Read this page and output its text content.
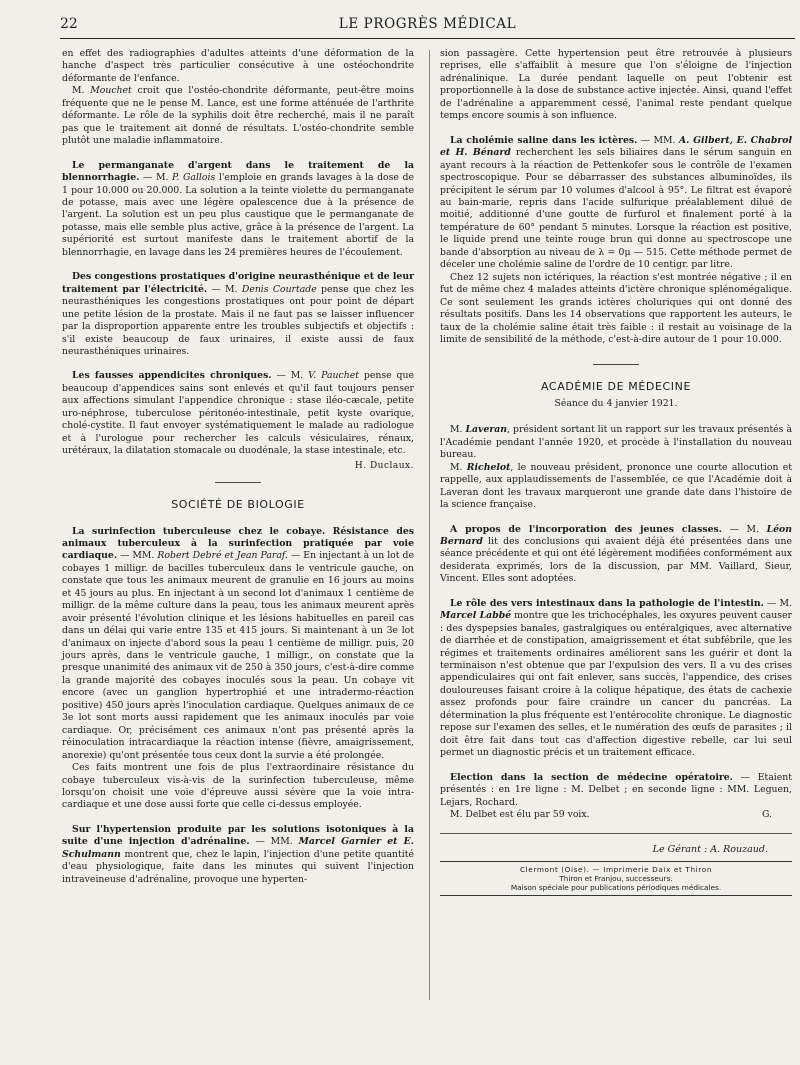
22	LE PROGRÈS MÉDICAL

en effet des radiographies d'adultes atteints d'une déformation de la hanche d'aspect très particulier consécutive à une ostéochondrite déformante de l'enfance.

M. Mouchet croit que l'ostéo-chondrite déformante, peut-être moins fréquente que ne le pense M. Lance, est une forme atténuée de l'arthrite déformante. Le rôle de la syphilis doit être recherché, mais il ne paraît pas que le traitement ait donné de résultats. L'ostéo-chondrite semble plutôt une maladie inflammatoire.

Le permanganate d'argent dans le traitement de la blennorrhagie. — M. P. Gallois l'emploie en grands lavages à la dose de 1 pour 10.000 ou 20.000. La solution a la teinte violette du permanganate de potasse, mais avec une légère opalescence due à la présence de l'argent. La solution est un peu plus caustique que le permanganate de potasse, mais elle semble plus active, grâce à la présence de l'argent. La supériorité est surtout manifeste dans le traitement abortif de la blennorrhagie, en lavage dans les 24 premières heures de l'écoulement.

Des congestions prostatiques d'origine neurasthénique et de leur traitement par l'électricité. — M. Denis Courtade pense que chez les neurasthéniques les congestions prostatiques ont pour point de départ une petite lésion de la prostate. Mais il ne faut pas se laisser influencer par la disproportion apparente entre les troubles subjectifs et objectifs : s'il existe beaucoup de faux urinaires, il existe aussi de faux neurasthéniques urinaires.

Les fausses appendicites chroniques. — M. V. Pauchet pense que beaucoup d'appendices sains sont enlevés et qu'il faut toujours penser aux affections simulant l'appendice chronique : stase iléo-cæcale, petite uro-néphrose, tuberculose péritonéo-intestinale, petit kyste ovarique, cholé-cystite. Il faut envoyer systématiquement le malade au radiologue et à l'urologue pour rechercher les calculs vésiculaires, rénaux, urétéraux, la dilatation stomacale ou duodénale, la stase intestinale, etc.

H. Duclaux.
SOCIÉTÉ DE BIOLOGIE

La surinfection tuberculeuse chez le cobaye. Résistance des animaux tuberculeux à la surinfection pratiquée par voie cardiaque. — MM. Robert Debré et Jean Paraf. — En injectant à un lot de cobayes 1 milligr. de bacilles tuberculeux dans le ventricule gauche, on constate que tous les animaux meurent de granulie en 16 jours au moins et 45 jours au plus. En injectant à un second lot d'animaux 1 centième de milligr. de la même culture dans la peau, tous les animaux meurent après avoir présenté l'évolution clinique et les lésions habituelles en pareil cas dans un délai qui varie entre 135 et 415 jours. Si maintenant à un 3e lot d'animaux on injecte d'abord sous la peau 1 centième de milligr. puis, 20 jours après, dans le ventricule gauche, 1 milligr., on constate que la presque unanimité des animaux vit de 250 à 350 jours, c'est-à-dire comme la grande majorité des cobayes inoculés sous la peau. Un cobaye vit encore (avec un ganglion hypertrophié et une intradermo-réaction positive) 450 jours après l'inoculation cardiaque. Quelques animaux de ce 3e lot sont morts aussi rapidement que les animaux inoculés par voie cardiaque. Or, précisément ces animaux n'ont pas présenté après la réinoculation intracardiaque la réaction intense (fièvre, amaigrissement, anorexie) qu'ont présentée tous ceux dont la survie a été prolongée.

Ces faits montrent une fois de plus l'extraordinaire résistance du cobaye tuberculeux vis-à-vis de la surinfection tuberculeuse, même lorsqu'on choisit une voie d'épreuve aussi sévère que la voie intra-cardiaque et une dose aussi forte que celle ci-dessus employée.

Sur l'hypertension produite par les solutions isotoniques à la suite d'une injection d'adrénaline. — MM. Marcel Garnier et E. Schulmann montrent que, chez le lapin, l'injection d'une petite quantité d'eau physiologique, faite dans les minutes qui suivent l'injection intraveineuse d'adrénaline, provoque une hyperten-

sion passagère. Cette hypertension peut être retrouvée à plusieurs reprises, elle s'affaiblit à mesure que l'on s'éloigne de l'injection adrénalinique. La durée pendant laquelle on peut l'obtenir est proportionnelle à la dose de substance active injectée. Ainsi, quand l'effet de l'adrénaline a apparemment cessé, l'animal reste pendant quelque temps encore soumis à son influence.

La cholémie saline dans les ictères. — MM. A. Gilbert, E. Chabrol et H. Bénard recherchent les sels biliaires dans le sérum sanguin en ayant recours à la réaction de Pettenkofer sous le contrôle de l'examen spectroscopique. Pour se débarrasser des substances albuminoïdes, ils précipitent le sérum par 10 volumes d'alcool à 95°. Le filtrat est évaporé au bain-marie, repris dans l'acide sulfurique préalablement dilué de moitié, additionné d'une goutte de furfurol et finalement porté à la température de 60° pendant 5 minutes. Lorsque la réaction est positive, le liquide prend une teinte rouge brun qui donne au spectroscope une bande d'absorption au niveau de λ = 0μ — 515. Cette méthode permet de déceler une cholémie saline de l'ordre de 10 centigr. par litre.

Chez 12 sujets non ictériques, la réaction s'est montrée négative ; il en fut de même chez 4 malades atteints d'ictère chronique splénomégalique. Ce sont seulement les grands ictères choluriques qui ont donné des résultats positifs. Dans les 14 observations que rapportent les auteurs, le taux de la cholémie saline était très faible : il restait au voisinage de la limite de sensibilité de la méthode, c'est-à-dire autour de 1 pour 10.000.

ACADÉMIE DE MÉDECINE
Séance du 4 janvier 1921.

M. Laveran, président sortant lit un rapport sur les travaux présentés à l'Académie pendant l'année 1920, et procède à l'installation du nouveau bureau.

M. Richelot, le nouveau président, prononce une courte allocution et rappelle, aux applaudissements de l'assemblée, ce que l'Académie doit à Laveran dont les travaux marqueront une grande date dans l'histoire de la science française.

A propos de l'incorporation des jeunes classes. — M. Léon Bernard lit des conclusions qui avaient déjà été présentées dans une séance précédente et qui ont été légèrement modifiées conformément aux desiderata exprimés, lors de la discussion, par MM. Vaillard, Sieur, Vincent. Elles sont adoptées.

Le rôle des vers intestinaux dans la pathologie de l'intestin. — M. Marcel Labbé montre que les trichocéphales, les oxyures peuvent causer : des dyspepsies banales, gastralgiques ou entéralgiques, avec alternative de diarrhée et de constipation, amaigrissement et état subfébrile, que les régimes et traitements ordinaires améliorent sans les guérir et dont la terminaison n'est obtenue que par l'expulsion des vers. Il a vu des crises appendiculaires qui ont fait enlever, sans succès, l'appendice, des crises douloureuses faisant croire à la colique hépatique, des états de cachexie assez profonds pour faire craindre un cancer du pancréas. La détermination la plus fréquente est l'entérocolite chronique. Le diagnostic repose sur l'examen des selles, et le numération des œufs de parasites ; il doit être fait dans tout cas d'affection digestive rebelle, car lui seul permet un diagnostic précis et un traitement efficace.

Election dans la section de médecine opératoire. — Etaient présentés : en 1re ligne : M. Delbet ; en seconde ligne : MM. Leguen, Lejars, Rochard.

M. Delbet est élu par 59 voix.	G.

Le Gérant : A. Rouzaud.
Clermont (Oise). — Imprimerie Daix et Thiron
Thiron et Franjou, successeurs.
Maison spéciale pour publications périodiques médicales.
